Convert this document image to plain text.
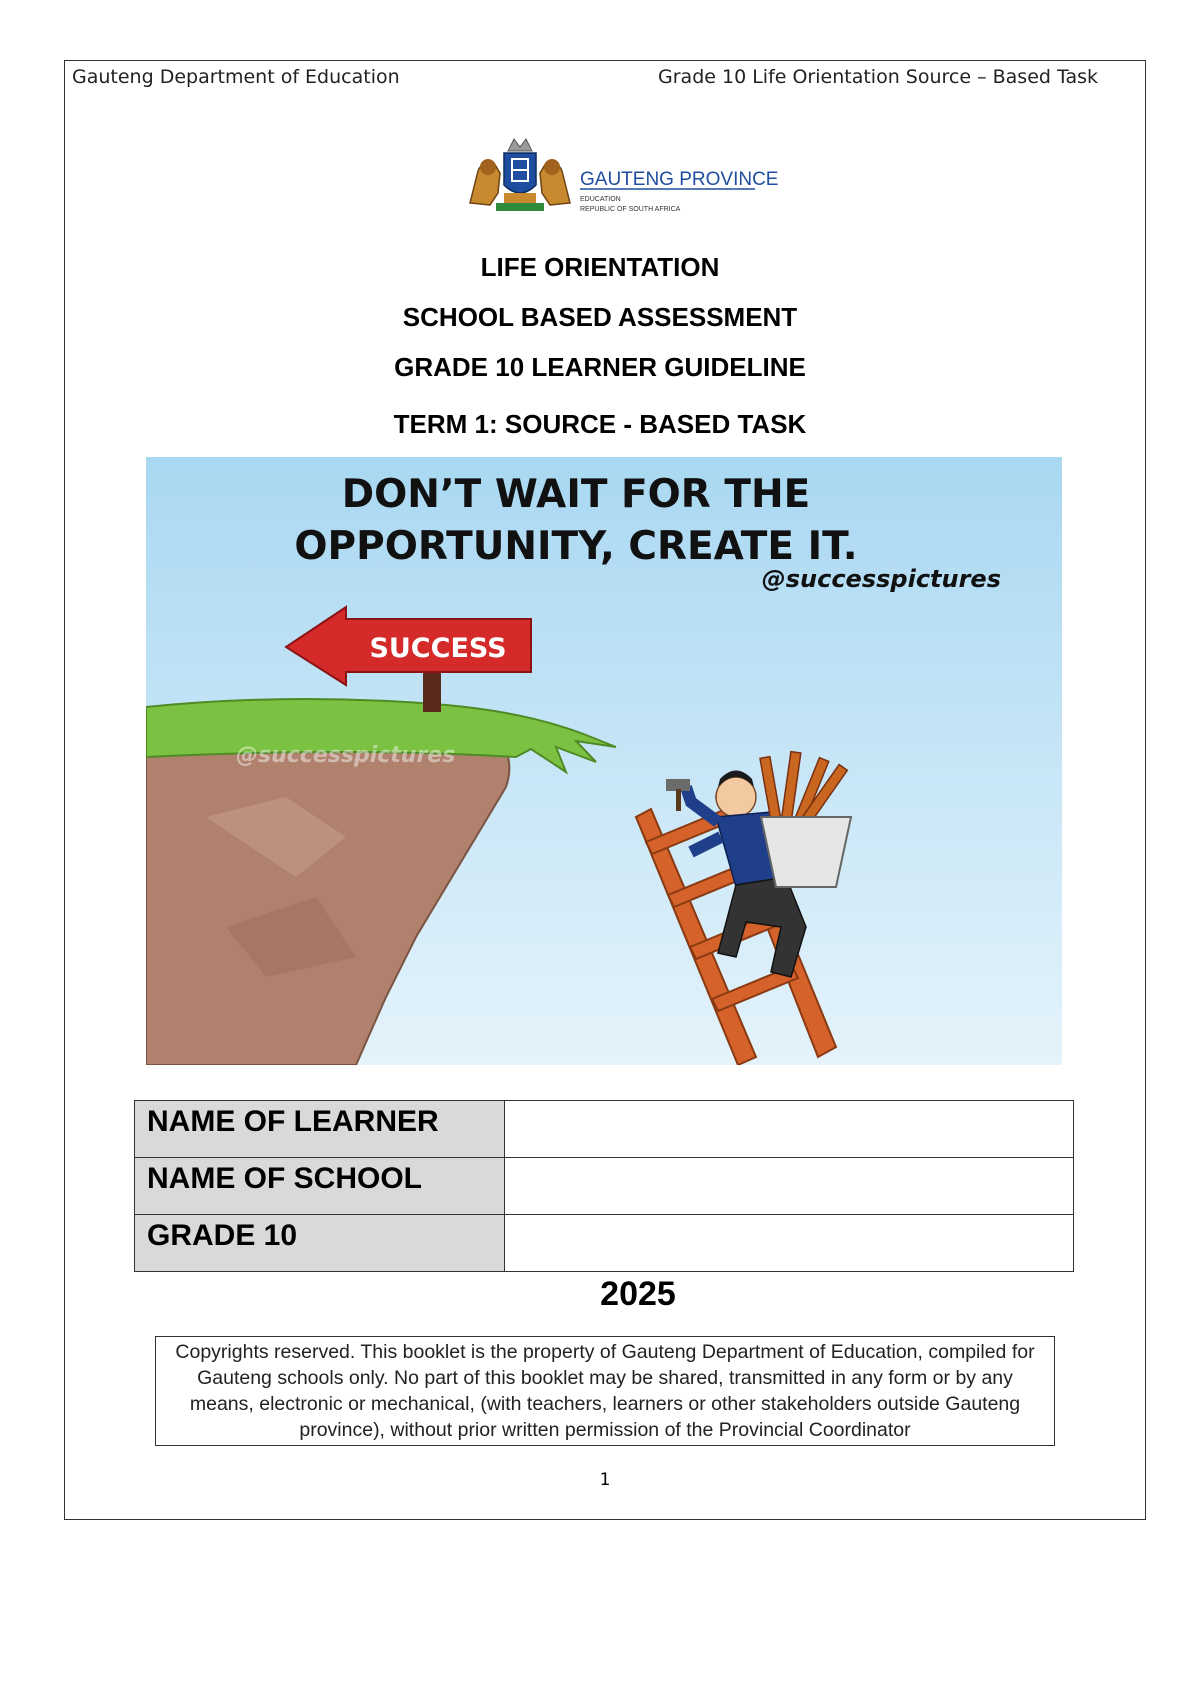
Gauteng Department of Education	Grade 10 Life Orientation Source – Based Task
GAUTENG PROVINCE
EDUCATION
REPUBLIC OF SOUTH AFRICA
LIFE ORIENTATION
SCHOOL BASED ASSESSMENT
GRADE 10 LEARNER GUIDELINE
TERM 1: SOURCE - BASED TASK
DON’T WAIT FOR THE
OPPORTUNITY, CREATE IT.
@successpictures
@successpictures
SUCCESS
NAME OF LEARNER	
NAME OF SCHOOL	
GRADE 10	
2025
Copyrights reserved. This booklet is the property of Gauteng Department of Education, compiled for Gauteng schools only. No part of this booklet may be shared, transmitted in any form or by any means, electronic or mechanical, (with teachers, learners or other stakeholders outside Gauteng province), without prior written permission of the Provincial Coordinator
1
